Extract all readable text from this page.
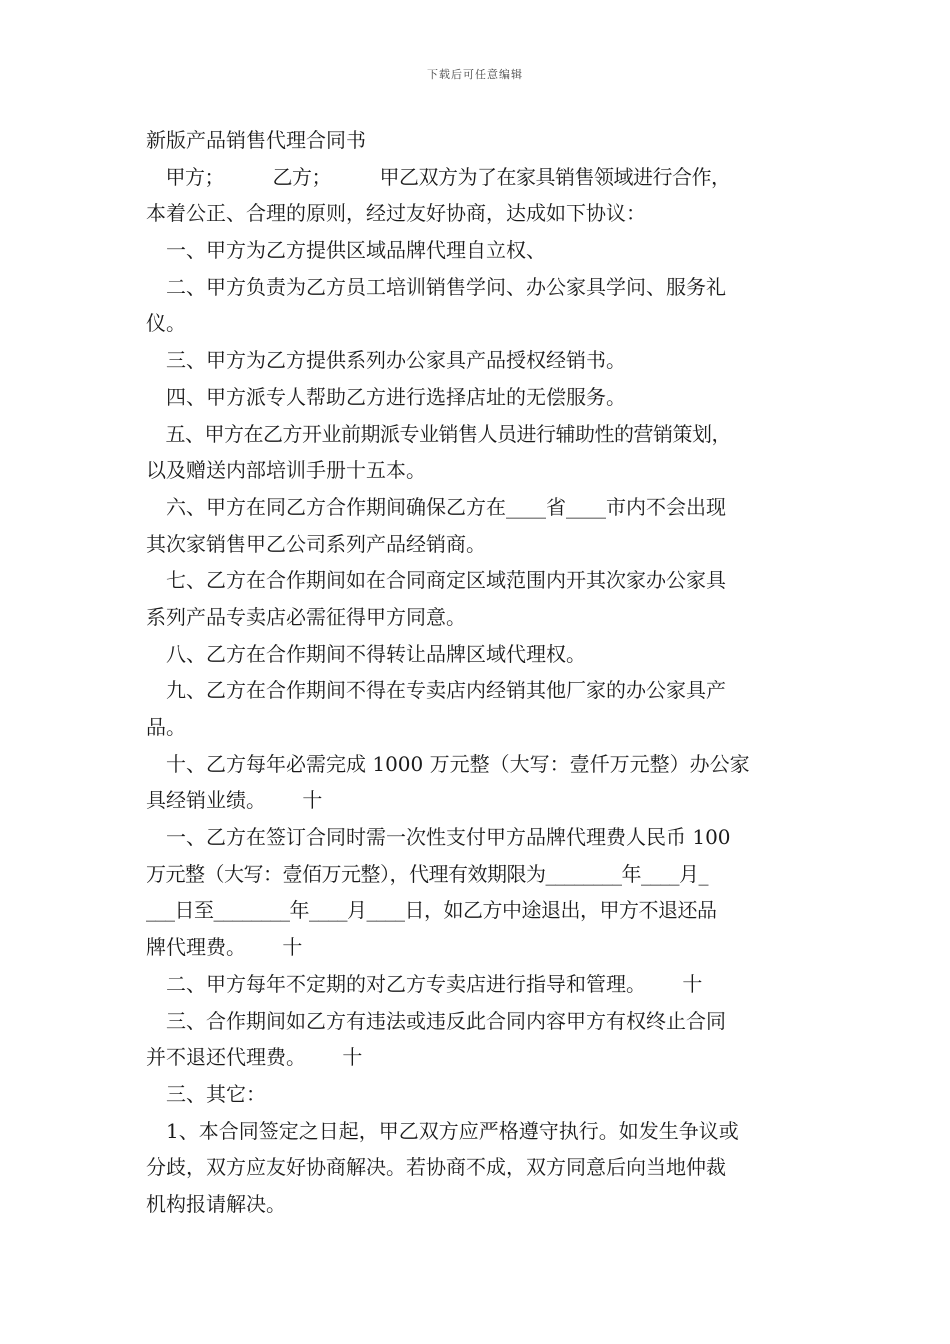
下载后可任意编辑
新版产品销售代理合同书
　甲方；　　　乙方；　　　甲乙双方为了在家具销售领域进行合作，
本着公正、合理的原则，经过友好协商，达成如下协议：
　一、甲方为乙方提供区域品牌代理自立权、
　二、甲方负责为乙方员工培训销售学问、办公家具学问、服务礼
仪。
　三、甲方为乙方提供系列办公家具产品授权经销书。
　四、甲方派专人帮助乙方进行选择店址的无偿服务。
　五、甲方在乙方开业前期派专业销售人员进行辅助性的营销策划，
以及赠送内部培训手册十五本。
　六、甲方在同乙方合作期间确保乙方在____省____市内不会出现
其次家销售甲乙公司系列产品经销商。
　七、乙方在合作期间如在合同商定区域范围内开其次家办公家具
系列产品专卖店必需征得甲方同意。
　八、乙方在合作期间不得转让品牌区域代理权。
　九、乙方在合作期间不得在专卖店内经销其他厂家的办公家具产
品。
　十、乙方每年必需完成 1000 万元整（大写：壹仟万元整）办公家
具经销业绩。　　 十
　一、乙方在签订合同时需一次性支付甲方品牌代理费人民币 100
万元整（大写：壹佰万元整），代理有效期限为________年____月_
___日至________年____月____日，如乙方中途退出，甲方不退还品
牌代理费。　　 十
　二、甲方每年不定期的对乙方专卖店进行指导和管理。　　 十
　三、合作期间如乙方有违法或违反此合同内容甲方有权终止合同
并不退还代理费。　　 十
　三、其它：
　1、本合同签定之日起，甲乙双方应严格遵守执行。如发生争议或
分歧，双方应友好协商解决。若协商不成，双方同意后向当地仲裁
机构报请解决。
